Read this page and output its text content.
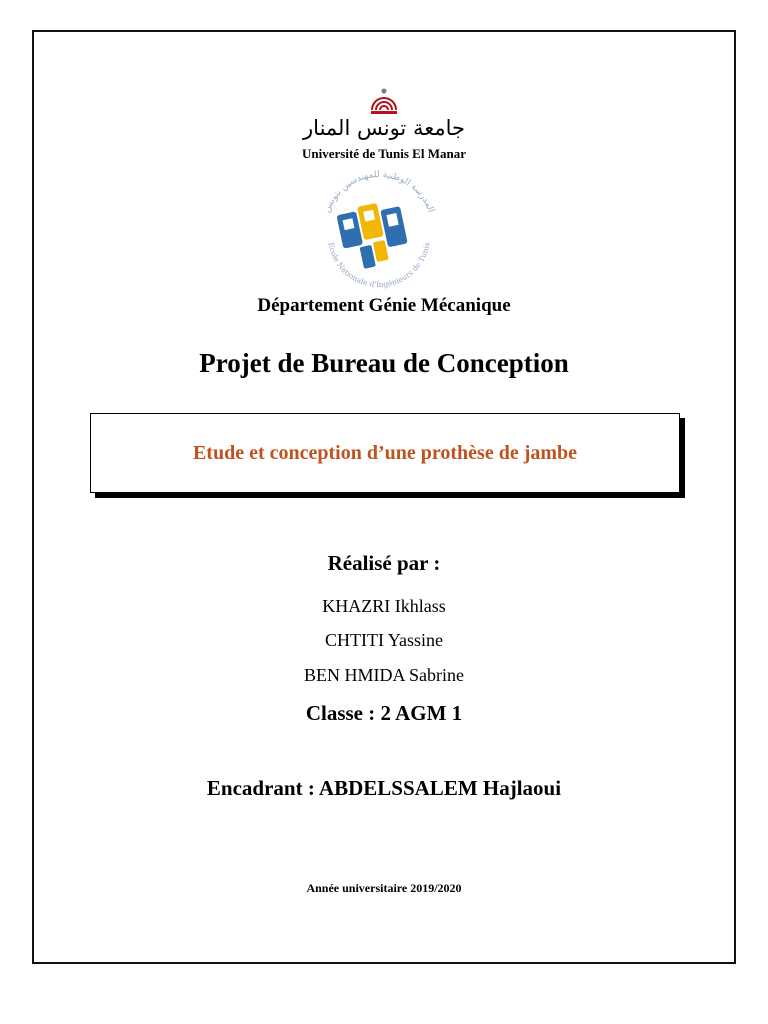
جامعة تونس المنار
Université de Tunis El Manar
المدرسة الوطنية للمهندسين بتونس
Ecole Nationale d'Ingénieurs de Tunis
Département Génie Mécanique
Projet de Bureau de Conception
Etude et conception d’une prothèse de jambe
Réalisé par :
KHAZRI Ikhlass
CHTITI Yassine
BEN HMIDA Sabrine
Classe : 2 AGM 1
Encadrant : ABDELSSALEM Hajlaoui
Année universitaire 2019/2020
